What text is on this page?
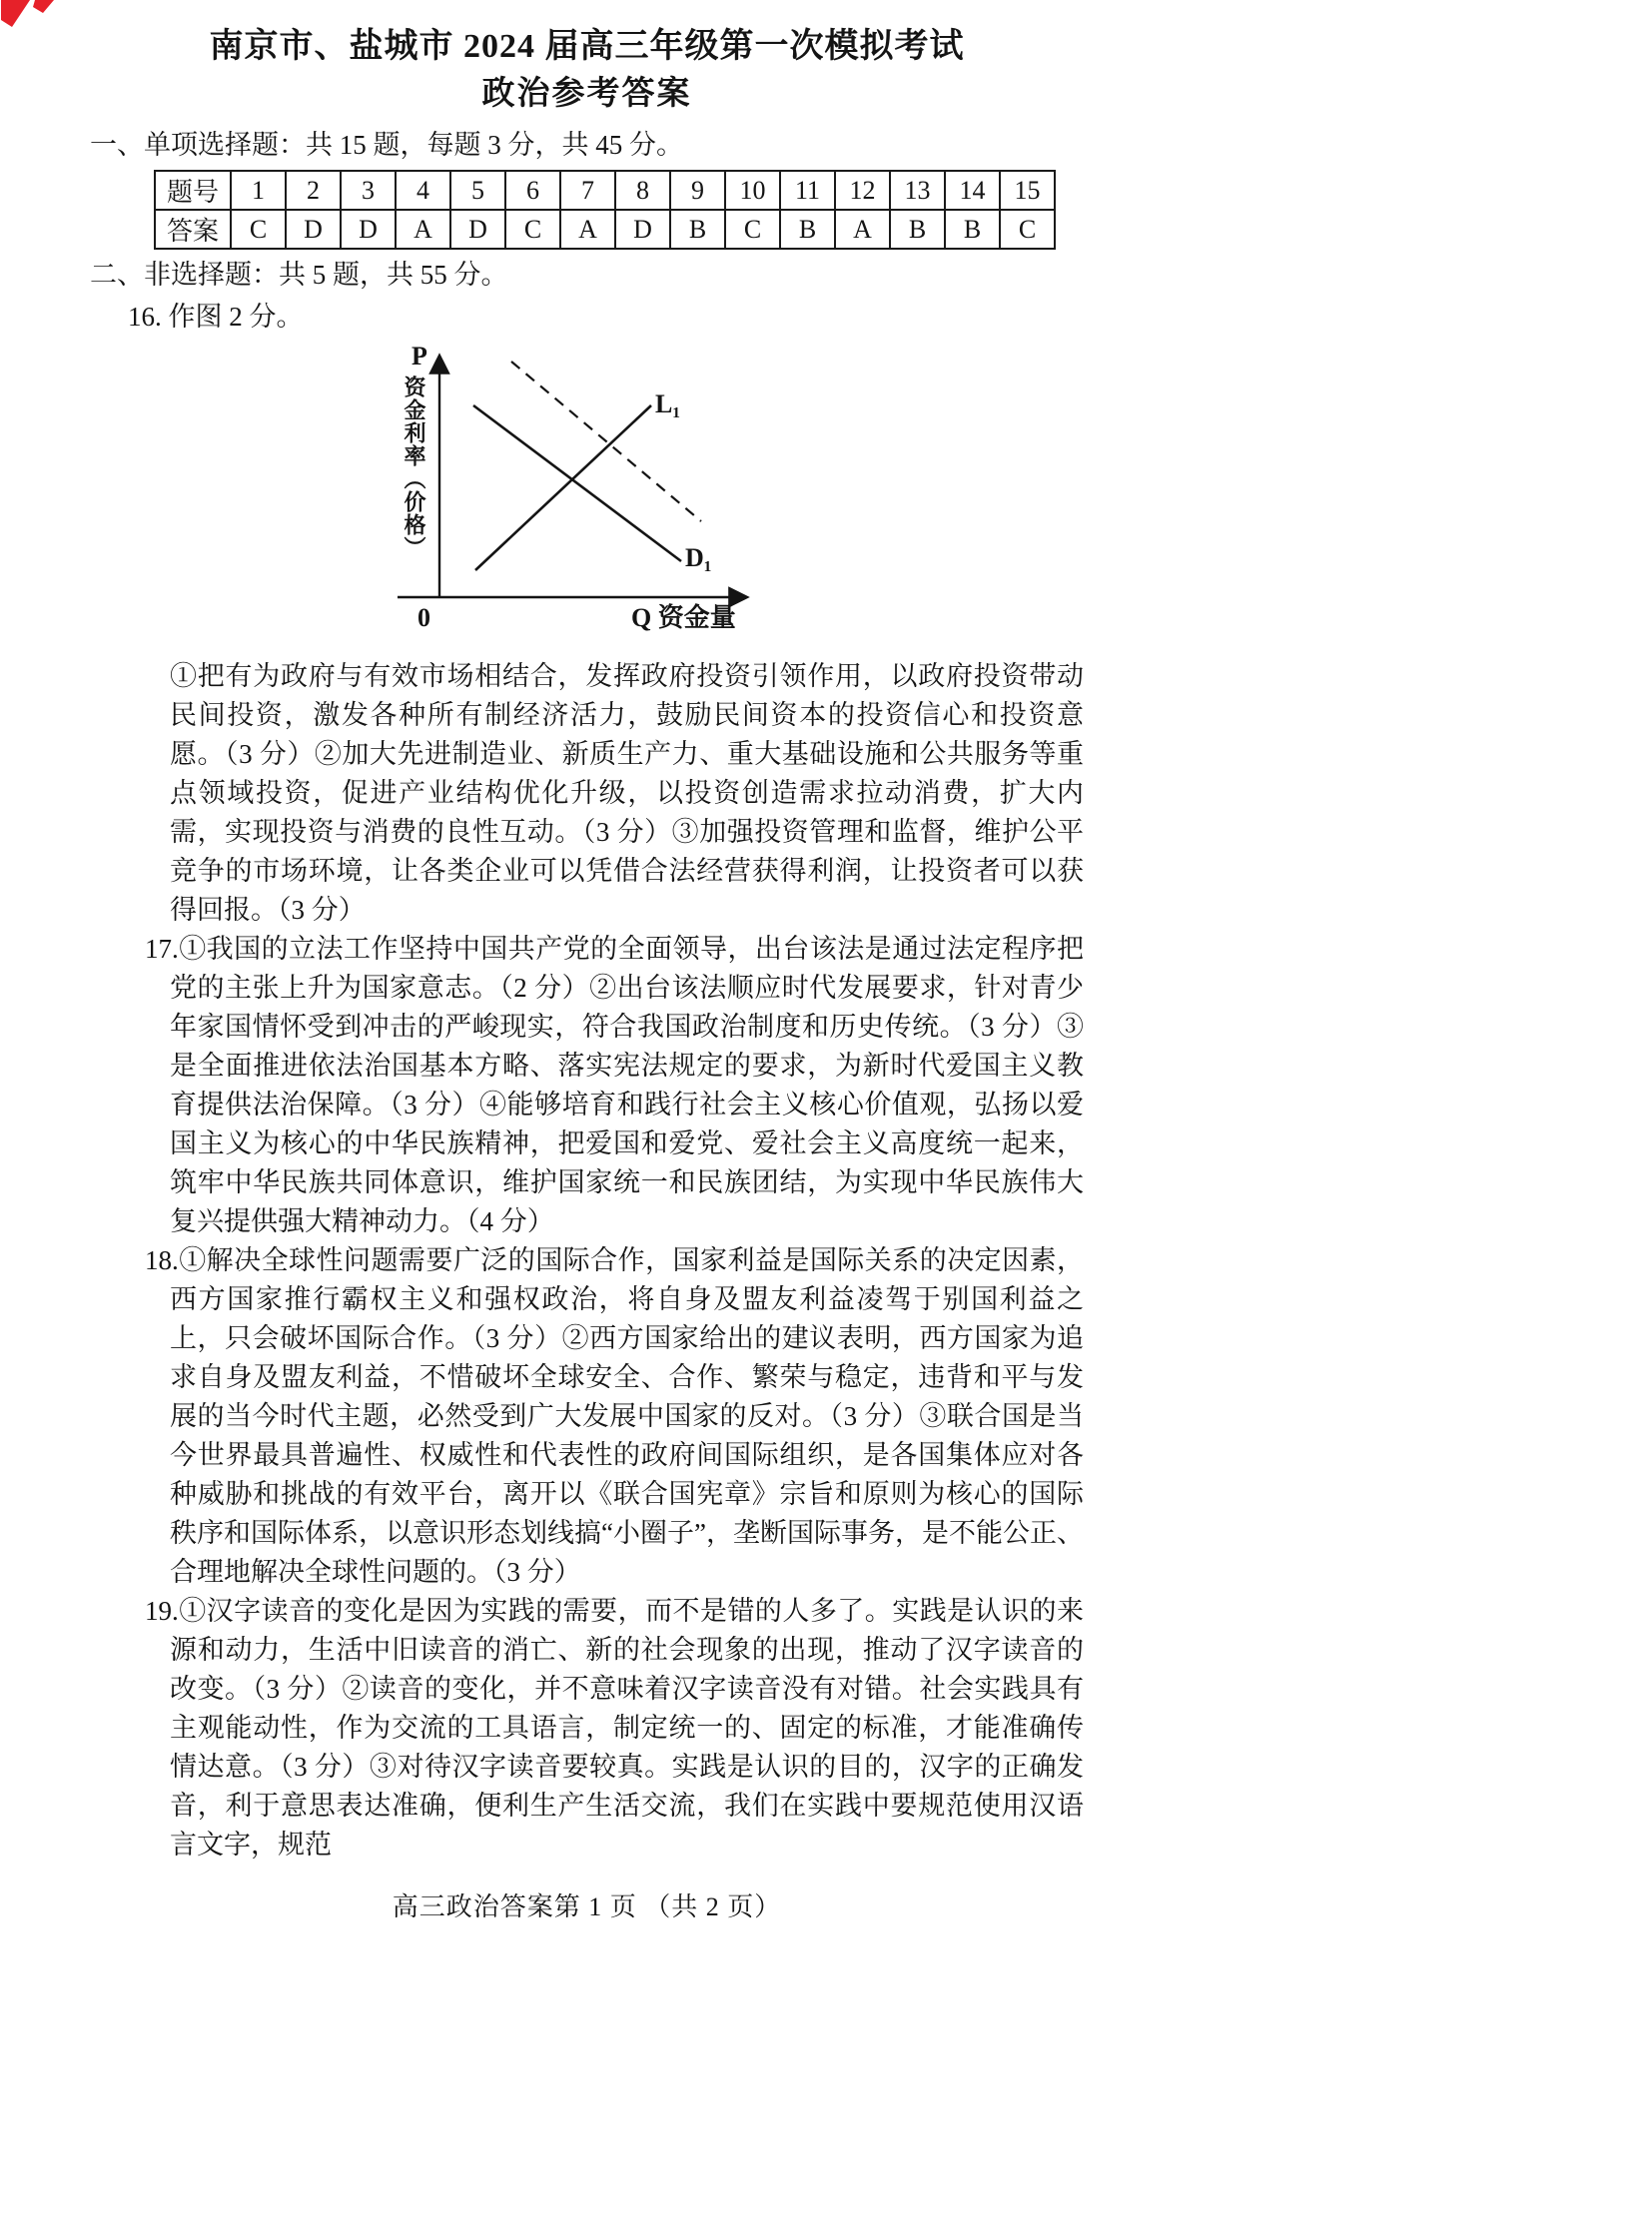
南京市、盐城市 2024 届高三年级第一次模拟考试
政治参考答案
一、单项选择题：共 15 题，每题 3 分，共 45 分。
题号	1	2	3	4	5	6	7	8	9	10	11	12	13	14	15
答案	C	D	D	A	D	C	A	D	B	C	B	A	B	B	C
二、非选择题：共 5 题，共 55 分。
16. 作图 2 分。
P
资金利率（价格）
0	Q 资金量
L₁
D₁
①把有为政府与有效市场相结合，发挥政府投资引领作用，以政府投资带动民间投资，激发各种所有制经济活力，鼓励民间资本的投资信心和投资意愿。（3 分）②加大先进制造业、新质生产力、重大基础设施和公共服务等重点领域投资，促进产业结构优化升级，以投资创造需求拉动消费，扩大内需，实现投资与消费的良性互动。（3 分）③加强投资管理和监督，维护公平竞争的市场环境，让各类企业可以凭借合法经营获得利润，让投资者可以获得回报。（3 分）
17.①我国的立法工作坚持中国共产党的全面领导，出台该法是通过法定程序把党的主张上升为国家意志。（2 分）②出台该法顺应时代发展要求，针对青少年家国情怀受到冲击的严峻现实，符合我国政治制度和历史传统。（3 分）③是全面推进依法治国基本方略、落实宪法规定的要求，为新时代爱国主义教育提供法治保障。（3 分）④能够培育和践行社会主义核心价值观，弘扬以爱国主义为核心的中华民族精神，把爱国和爱党、爱社会主义高度统一起来，筑牢中华民族共同体意识，维护国家统一和民族团结，为实现中华民族伟大复兴提供强大精神动力。（4 分）
18.①解决全球性问题需要广泛的国际合作，国家利益是国际关系的决定因素，西方国家推行霸权主义和强权政治，将自身及盟友利益凌驾于别国利益之上，只会破坏国际合作。（3 分）②西方国家给出的建议表明，西方国家为追求自身及盟友利益，不惜破坏全球安全、合作、繁荣与稳定，违背和平与发展的当今时代主题，必然受到广大发展中国家的反对。（3 分）③联合国是当今世界最具普遍性、权威性和代表性的政府间国际组织，是各国集体应对各种威胁和挑战的有效平台，离开以《联合国宪章》宗旨和原则为核心的国际秩序和国际体系，以意识形态划线搞“小圈子”，垄断国际事务，是不能公正、合理地解决全球性问题的。（3 分）
19.①汉字读音的变化是因为实践的需要，而不是错的人多了。实践是认识的来源和动力，生活中旧读音的消亡、新的社会现象的出现，推动了汉字读音的改变。（3 分）②读音的变化，并不意味着汉字读音没有对错。社会实践具有主观能动性，作为交流的工具语言，制定统一的、固定的标准，才能准确传情达意。（3 分）③对待汉字读音要较真。实践是认识的目的，汉字的正确发音，利于意思表达准确，便利生产生活交流，我们在实践中要规范使用汉语言文字，规范
高三政治答案第 1 页 （共 2 页）
